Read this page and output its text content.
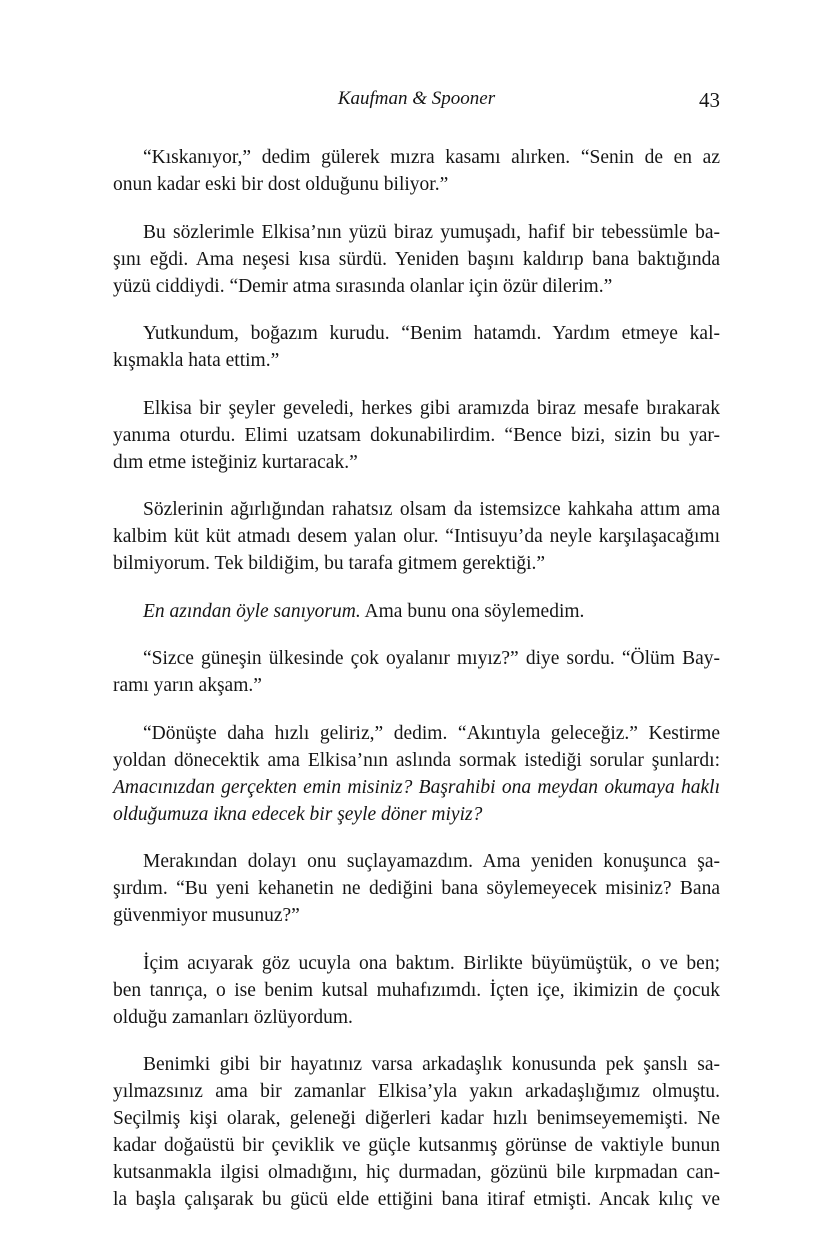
Kaufman & Spooner	43
“Kıskanıyor,” dedim gülerek mızra kasamı alırken. “Senin de en az
onun kadar eski bir dost olduğunu biliyor.”
Bu sözlerimle Elkisa’nın yüzü biraz yumuşadı, hafif bir tebessümle ba-
şını eğdi. Ama neşesi kısa sürdü. Yeniden başını kaldırıp bana baktığında
yüzü ciddiydi. “Demir atma sırasında olanlar için özür dilerim.”
Yutkundum, boğazım kurudu. “Benim hatamdı. Yardım etmeye kal-
kışmakla hata ettim.”
Elkisa bir şeyler geveledi, herkes gibi aramızda biraz mesafe bırakarak
yanıma oturdu. Elimi uzatsam dokunabilirdim. “Bence bizi, sizin bu yar-
dım etme isteğiniz kurtaracak.”
Sözlerinin ağırlığından rahatsız olsam da istemsizce kahkaha attım ama
kalbim küt küt atmadı desem yalan olur. “Intisuyu’da neyle karşılaşacağımı
bilmiyorum. Tek bildiğim, bu tarafa gitmem gerektiği.”
En azından öyle sanıyorum. Ama bunu ona söylemedim.
“Sizce güneşin ülkesinde çok oyalanır mıyız?” diye sordu. “Ölüm Bay-
ramı yarın akşam.”
“Dönüşte daha hızlı geliriz,” dedim. “Akıntıyla geleceğiz.” Kestirme
yoldan dönecektik ama Elkisa’nın aslında sormak istediği sorular şunlardı:
Amacınızdan gerçekten emin misiniz? Başrahibi ona meydan okumaya haklı
olduğumuza ikna edecek bir şeyle döner miyiz?
Merakından dolayı onu suçlayamazdım. Ama yeniden konuşunca şa-
şırdım. “Bu yeni kehanetin ne dediğini bana söylemeyecek misiniz? Bana
güvenmiyor musunuz?”
İçim acıyarak göz ucuyla ona baktım. Birlikte büyümüştük, o ve ben;
ben tanrıça, o ise benim kutsal muhafızımdı. İçten içe, ikimizin de çocuk
olduğu zamanları özlüyordum.
Benimki gibi bir hayatınız varsa arkadaşlık konusunda pek şanslı sa-
yılmazsınız ama bir zamanlar Elkisa’yla yakın arkadaşlığımız olmuştu.
Seçilmiş kişi olarak, geleneği diğerleri kadar hızlı benimseyememişti. Ne
kadar doğaüstü bir çeviklik ve güçle kutsanmış görünse de vaktiyle bunun
kutsanmakla ilgisi olmadığını, hiç durmadan, gözünü bile kırpmadan can-
la başla çalışarak bu gücü elde ettiğini bana itiraf etmişti. Ancak kılıç ve
